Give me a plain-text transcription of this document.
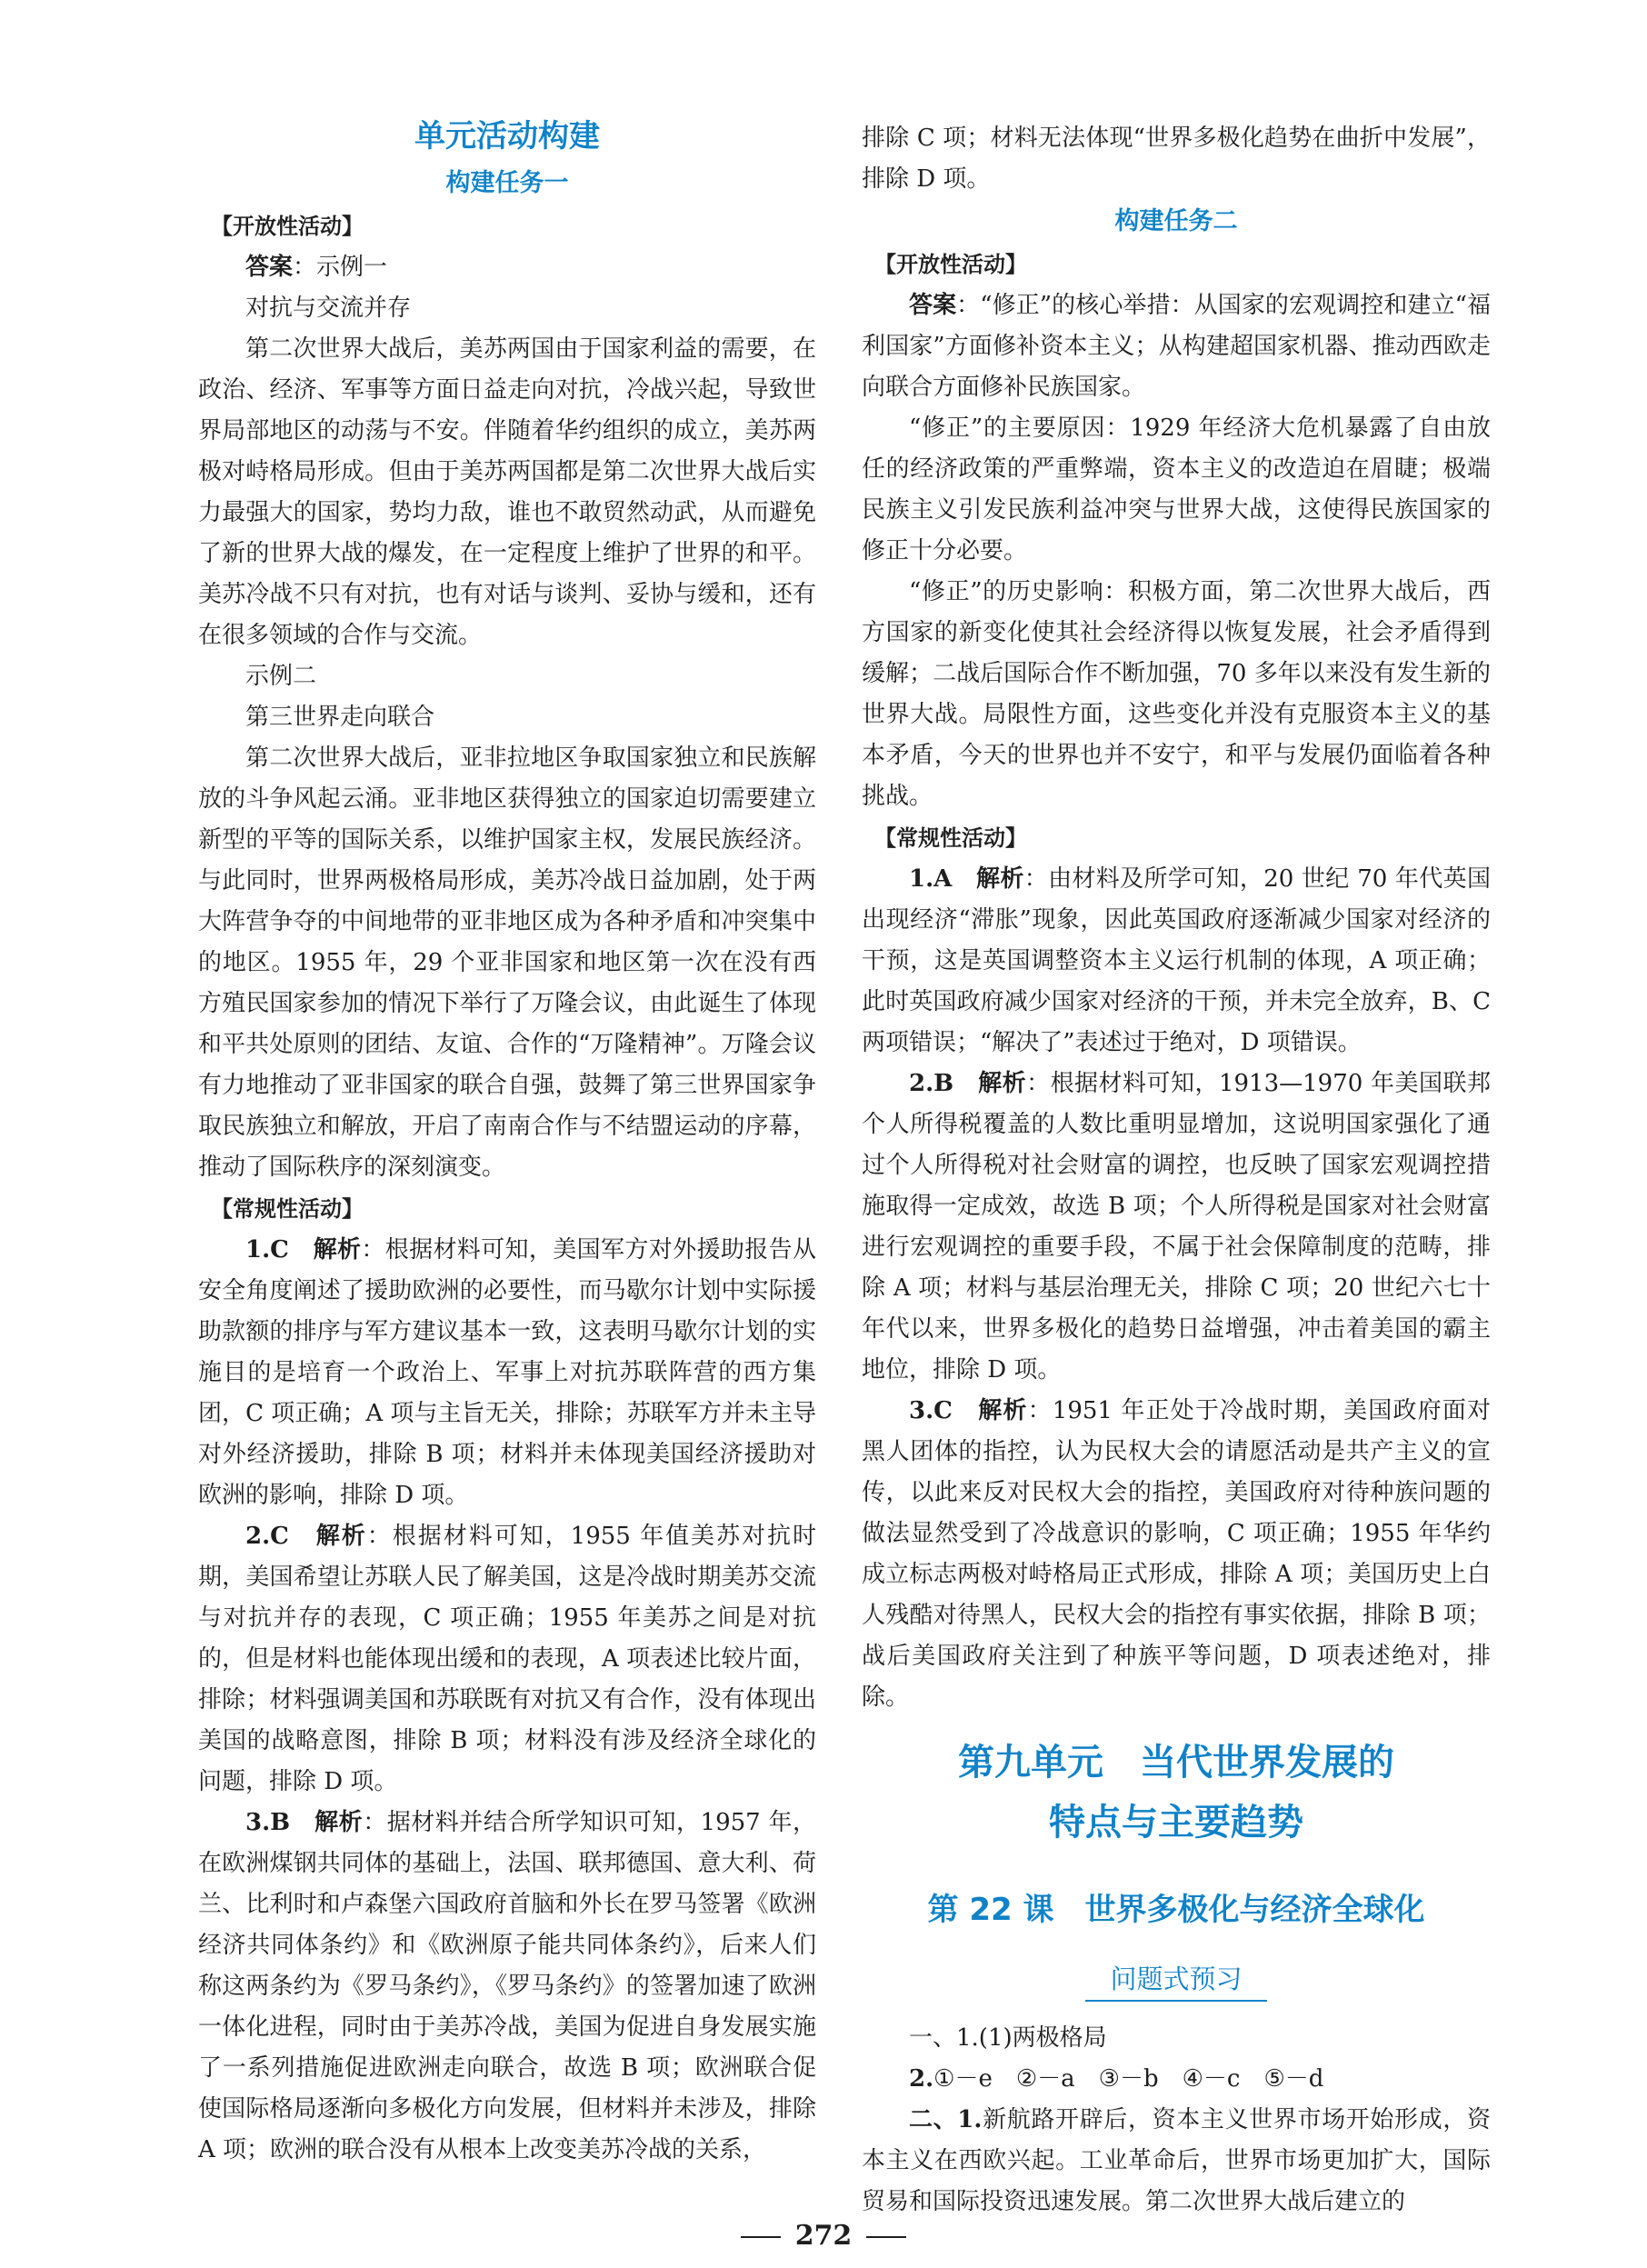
单元活动构建
构建任务一
【开放性活动】

答案：示例一

对抗与交流并存

第二次世界大战后，美苏两国由于国家利益的需要，在政治、经济、军事等方面日益走向对抗，冷战兴起，导致世界局部地区的动荡与不安。伴随着华约组织的成立，美苏两极对峙格局形成。但由于美苏两国都是第二次世界大战后实力最强大的国家，势均力敌，谁也不敢贸然动武，从而避免了新的世界大战的爆发，在一定程度上维护了世界的和平。美苏冷战不只有对抗，也有对话与谈判、妥协与缓和，还有在很多领域的合作与交流。

示例二

第三世界走向联合

第二次世界大战后，亚非拉地区争取国家独立和民族解放的斗争风起云涌。亚非地区获得独立的国家迫切需要建立新型的平等的国际关系，以维护国家主权，发展民族经济。与此同时，世界两极格局形成，美苏冷战日益加剧，处于两大阵营争夺的中间地带的亚非地区成为各种矛盾和冲突集中的地区。1955 年，29 个亚非国家和地区第一次在没有西方殖民国家参加的情况下举行了万隆会议，由此诞生了体现和平共处原则的团结、友谊、合作的“万隆精神”。万隆会议有力地推动了亚非国家的联合自强，鼓舞了第三世界国家争取民族独立和解放，开启了南南合作与不结盟运动的序幕，推动了国际秩序的深刻演变。

【常规性活动】

1.C　解析：根据材料可知，美国军方对外援助报告从安全角度阐述了援助欧洲的必要性，而马歇尔计划中实际援助款额的排序与军方建议基本一致，这表明马歇尔计划的实施目的是培育一个政治上、军事上对抗苏联阵营的西方集团，C 项正确；A 项与主旨无关，排除；苏联军方并未主导对外经济援助，排除 B 项；材料并未体现美国经济援助对欧洲的影响，排除 D 项。

2.C　解析：根据材料可知，1955 年值美苏对抗时期，美国希望让苏联人民了解美国，这是冷战时期美苏交流与对抗并存的表现，C 项正确；1955 年美苏之间是对抗的，但是材料也能体现出缓和的表现，A 项表述比较片面，排除；材料强调美国和苏联既有对抗又有合作，没有体现出美国的战略意图，排除 B 项；材料没有涉及经济全球化的问题，排除 D 项。

3.B　解析：据材料并结合所学知识可知，1957 年，在欧洲煤钢共同体的基础上，法国、联邦德国、意大利、荷兰、比利时和卢森堡六国政府首脑和外长在罗马签署《欧洲经济共同体条约》和《欧洲原子能共同体条约》，后来人们称这两条约为《罗马条约》，《罗马条约》的签署加速了欧洲一体化进程，同时由于美苏冷战，美国为促进自身发展实施了一系列措施促进欧洲走向联合，故选 B 项；欧洲联合促使国际格局逐渐向多极化方向发展，但材料并未涉及，排除 A 项；欧洲的联合没有从根本上改变美苏冷战的关系，

排除 C 项；材料无法体现“世界多极化趋势在曲折中发展”，排除 D 项。

构建任务二
【开放性活动】

答案：“修正”的核心举措：从国家的宏观调控和建立“福利国家”方面修补资本主义；从构建超国家机器、推动西欧走向联合方面修补民族国家。

“修正”的主要原因：1929 年经济大危机暴露了自由放任的经济政策的严重弊端，资本主义的改造迫在眉睫；极端民族主义引发民族利益冲突与世界大战，这使得民族国家的修正十分必要。

“修正”的历史影响：积极方面，第二次世界大战后，西方国家的新变化使其社会经济得以恢复发展，社会矛盾得到缓解；二战后国际合作不断加强，70 多年以来没有发生新的世界大战。局限性方面，这些变化并没有克服资本主义的基本矛盾，今天的世界也并不安宁，和平与发展仍面临着各种挑战。

【常规性活动】

1.A　解析：由材料及所学可知，20 世纪 70 年代英国出现经济“滞胀”现象，因此英国政府逐渐减少国家对经济的干预，这是英国调整资本主义运行机制的体现，A 项正确；此时英国政府减少国家对经济的干预，并未完全放弃，B、C 两项错误；“解决了”表述过于绝对，D 项错误。

2.B　解析：根据材料可知，1913—1970 年美国联邦个人所得税覆盖的人数比重明显增加，这说明国家强化了通过个人所得税对社会财富的调控，也反映了国家宏观调控措施取得一定成效，故选 B 项；个人所得税是国家对社会财富进行宏观调控的重要手段，不属于社会保障制度的范畴，排除 A 项；材料与基层治理无关，排除 C 项；20 世纪六七十年代以来，世界多极化的趋势日益增强，冲击着美国的霸主地位，排除 D 项。

3.C　解析：1951 年正处于冷战时期，美国政府面对黑人团体的指控，认为民权大会的请愿活动是共产主义的宣传，以此来反对民权大会的指控，美国政府对待种族问题的做法显然受到了冷战意识的影响，C 项正确；1955 年华约成立标志两极对峙格局正式形成，排除 A 项；美国历史上白人残酷对待黑人，民权大会的指控有事实依据，排除 B 项；战后美国政府关注到了种族平等问题，D 项表述绝对，排除。

第九单元　当代世界发展的
特点与主要趋势
第 22 课　世界多极化与经济全球化
问题式预习

一、1.(1)两极格局

2.①－e　②－a　③－b　④－c　⑤－d

二、1.新航路开辟后，资本主义世界市场开始形成，资本主义在西欧兴起。工业革命后，世界市场更加扩大，国际贸易和国际投资迅速发展。第二次世界大战后建立的

272
